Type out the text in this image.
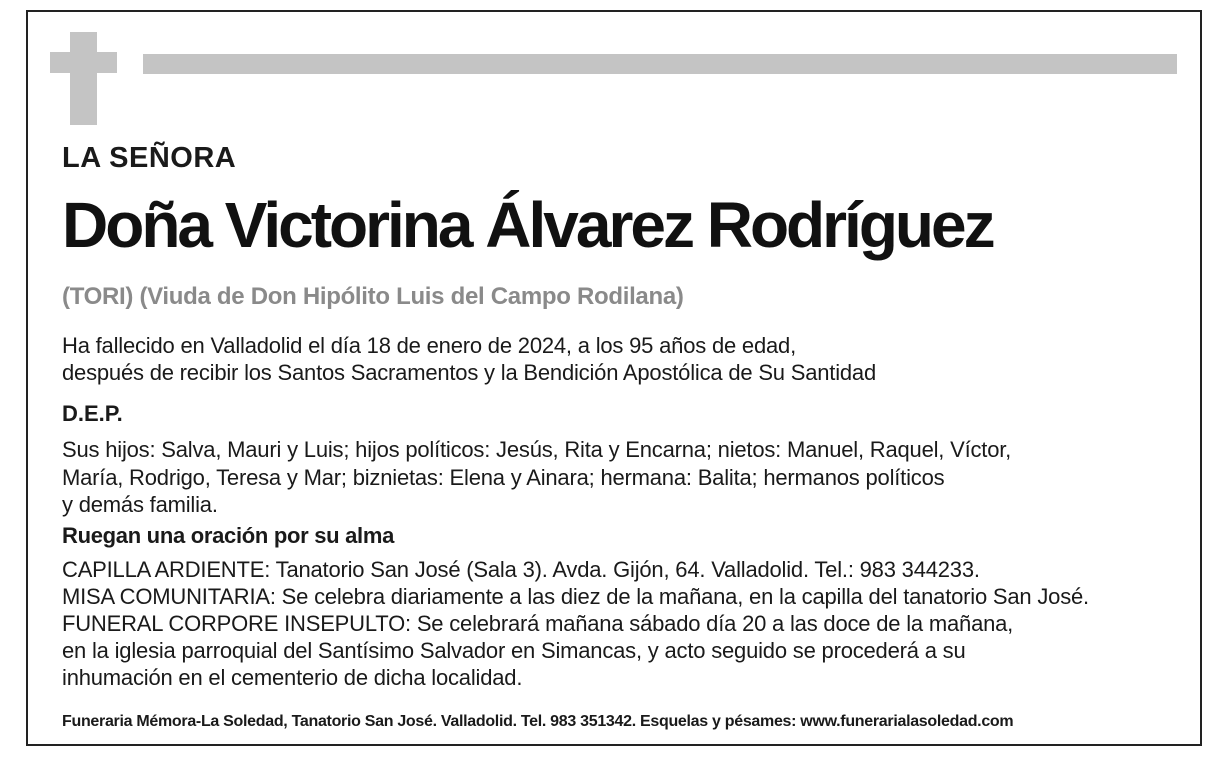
LA SEÑORA

Doña Victorina Álvarez Rodríguez

(TORI) (Viuda de Don Hipólito Luis del Campo Rodilana)

Ha fallecido en Valladolid el día 18 de enero de 2024, a los 95 años de edad,

después de recibir los Santos Sacramentos y la Bendición Apostólica de Su Santidad

D.E.P.

Sus hijos: Salva, Mauri y Luis; hijos políticos: Jesús, Rita y Encarna; nietos: Manuel, Raquel, Víctor,

María, Rodrigo, Teresa y Mar; biznietas: Elena y Ainara; hermana: Balita; hermanos políticos

y demás familia.

Ruegan una oración por su alma

CAPILLA ARDIENTE: Tanatorio San José (Sala 3). Avda. Gijón, 64. Valladolid. Tel.: 983 344233.

MISA COMUNITARIA: Se celebra diariamente a las diez de la mañana, en la capilla del tanatorio San José.

FUNERAL CORPORE INSEPULTO: Se celebrará mañana sábado día 20 a las doce de la mañana,

en la iglesia parroquial del Santísimo Salvador en Simancas, y acto seguido se procederá a su

inhumación en el cementerio de dicha localidad.

Funeraria Mémora-La Soledad, Tanatorio San José. Valladolid. Tel. 983 351342. Esquelas y pésames: www.funerarialasoledad.com
